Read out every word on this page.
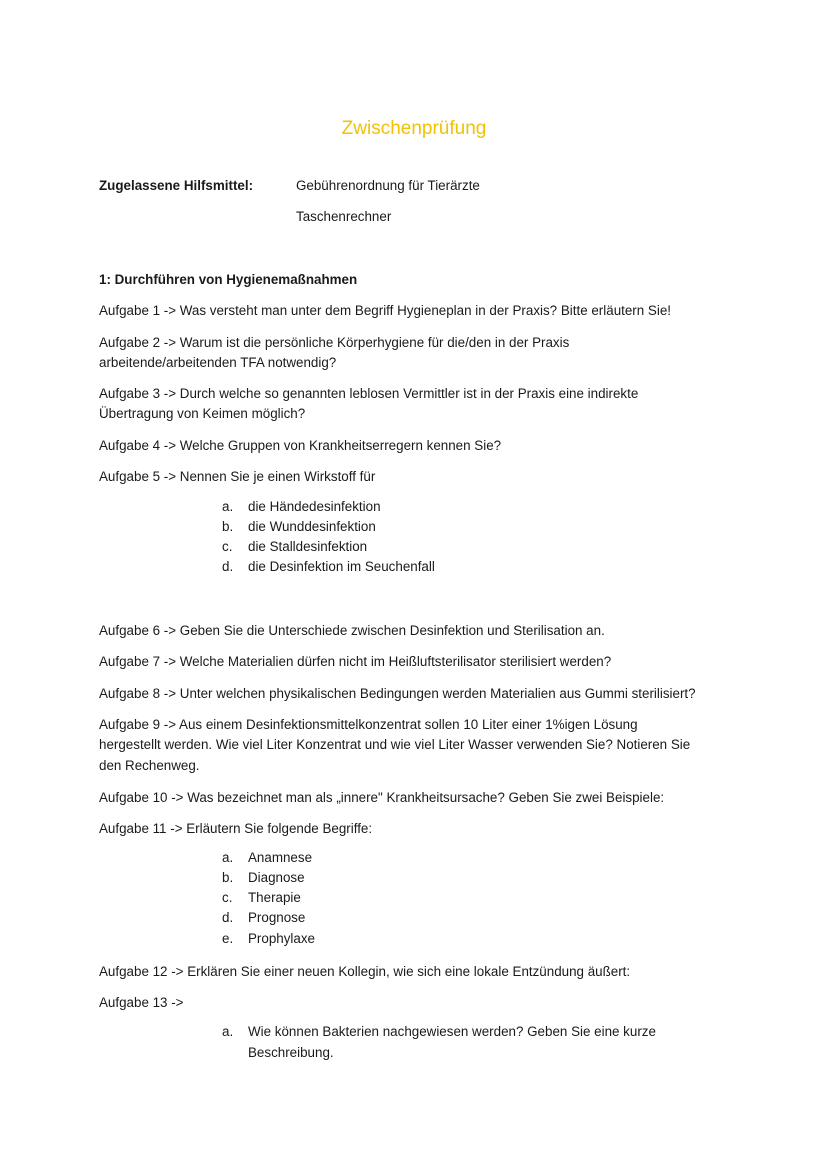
Zwischenprüfung
Zugelassene Hilfsmittel:	Gebührenordnung für Tierärzte
Taschenrechner
1: Durchführen von Hygienemaßnahmen
Aufgabe 1 -> Was versteht man unter dem Begriff Hygieneplan in der Praxis? Bitte erläutern Sie!
Aufgabe 2 -> Warum ist die persönliche Körperhygiene für die/den in der Praxis
arbeitende/arbeitenden TFA notwendig?
Aufgabe 3 -> Durch welche so genannten leblosen Vermittler ist in der Praxis eine indirekte
Übertragung von Keimen möglich?
Aufgabe 4 -> Welche Gruppen von Krankheitserregern kennen Sie?
Aufgabe 5 -> Nennen Sie je einen Wirkstoff für
a.	die Händedesinfektion
b.	die Wunddesinfektion
c.	die Stalldesinfektion
d.	die Desinfektion im Seuchenfall
Aufgabe 6 -> Geben Sie die Unterschiede zwischen Desinfektion und Sterilisation an.
Aufgabe 7 -> Welche Materialien dürfen nicht im Heißluftsterilisator sterilisiert werden?
Aufgabe 8 -> Unter welchen physikalischen Bedingungen werden Materialien aus Gummi sterilisiert?
Aufgabe 9 -> Aus einem Desinfektionsmittelkonzentrat sollen 10 Liter einer 1%igen Lösung
hergestellt werden. Wie viel Liter Konzentrat und wie viel Liter Wasser verwenden Sie? Notieren Sie
den Rechenweg.
Aufgabe 10 -> Was bezeichnet man als „innere" Krankheitsursache? Geben Sie zwei Beispiele:
Aufgabe 11 -> Erläutern Sie folgende Begriffe:
a.	Anamnese
b.	Diagnose
c.	Therapie
d.	Prognose
e.	Prophylaxe
Aufgabe 12 -> Erklären Sie einer neuen Kollegin, wie sich eine lokale Entzündung äußert:
Aufgabe 13 ->
a.	Wie können Bakterien nachgewiesen werden? Geben Sie eine kurze
Beschreibung.
